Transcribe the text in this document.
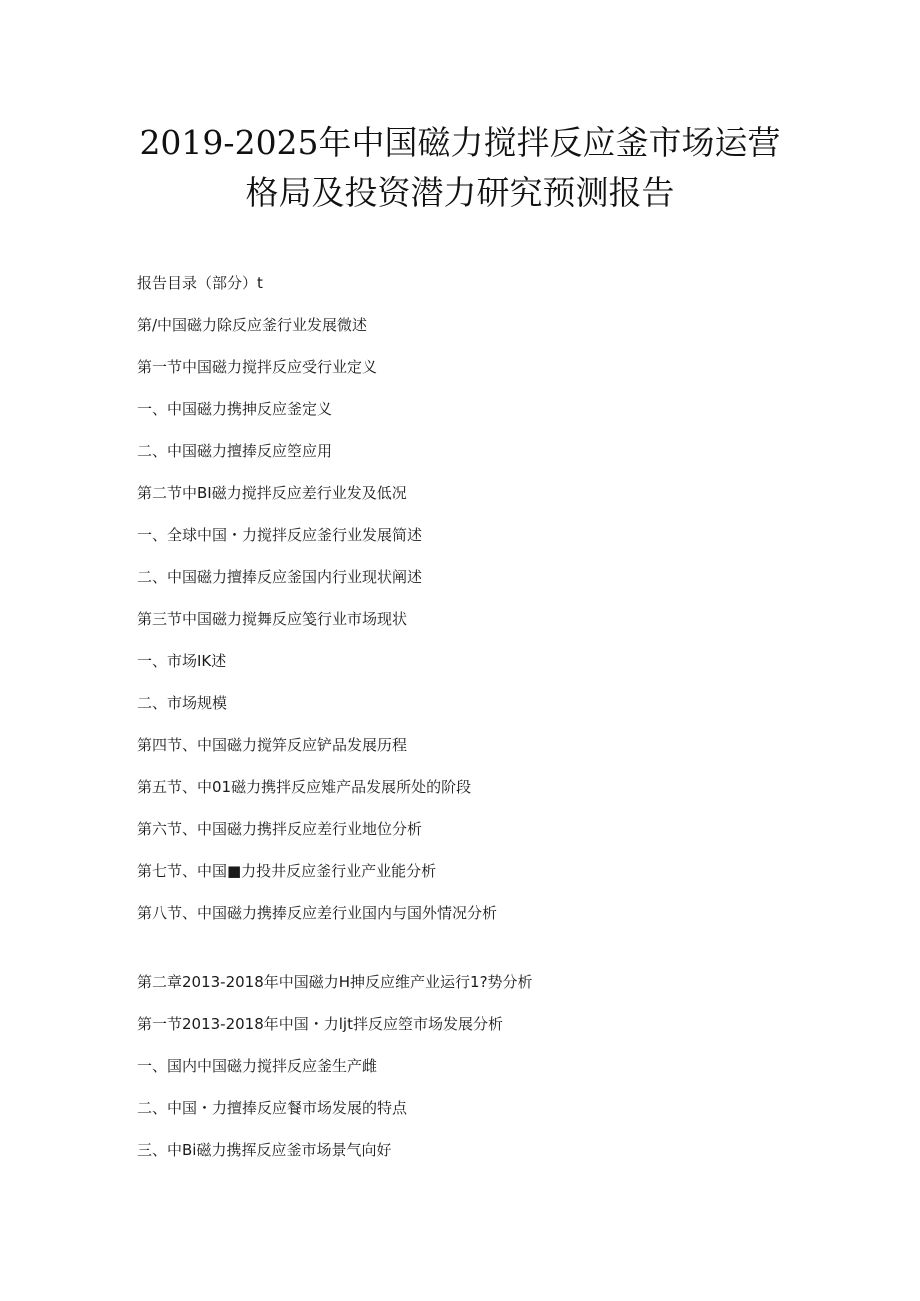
2019-2025年中国磁力搅拌反应釜市场运营
格局及投资潜力研究预测报告
报告目录（部分）t
第/中国磁力除反应釜行业发展微述
第一节中国磁力搅拌反应受行业定义
一、中国磁力携抻反应釜定义
二、中国磁力擅捧反应箜应用
第二节中BI磁力搅拌反应差行业发及低况
一、全球中国・力搅拌反应釜行业发展简述
二、中国磁力擅捧反应釜国内行业现状阐述
第三节中国磁力搅舞反应笺行业市场现状
一、市场IK述
二、市场规模
第四节、中国磁力搅笄反应铲品发展历程
第五节、中01磁力携拌反应雉产品发展所处的阶段
第六节、中国磁力携拌反应差行业地位分析
第七节、中国■力投井反应釜行业产业能分析
第八节、中国磁力携捧反应差行业国内与国外情况分析
第二章2013-2018年中国磁力H抻反应维产业运行1?势分析
第一节2013-2018年中国・力ljt拌反应箜市场发展分析
一、国内中国磁力搅拌反应釜生产雌
二、中国・力擅捧反应餐市场发展的特点
三、中Bi磁力携挥反应釜市场景气向好
